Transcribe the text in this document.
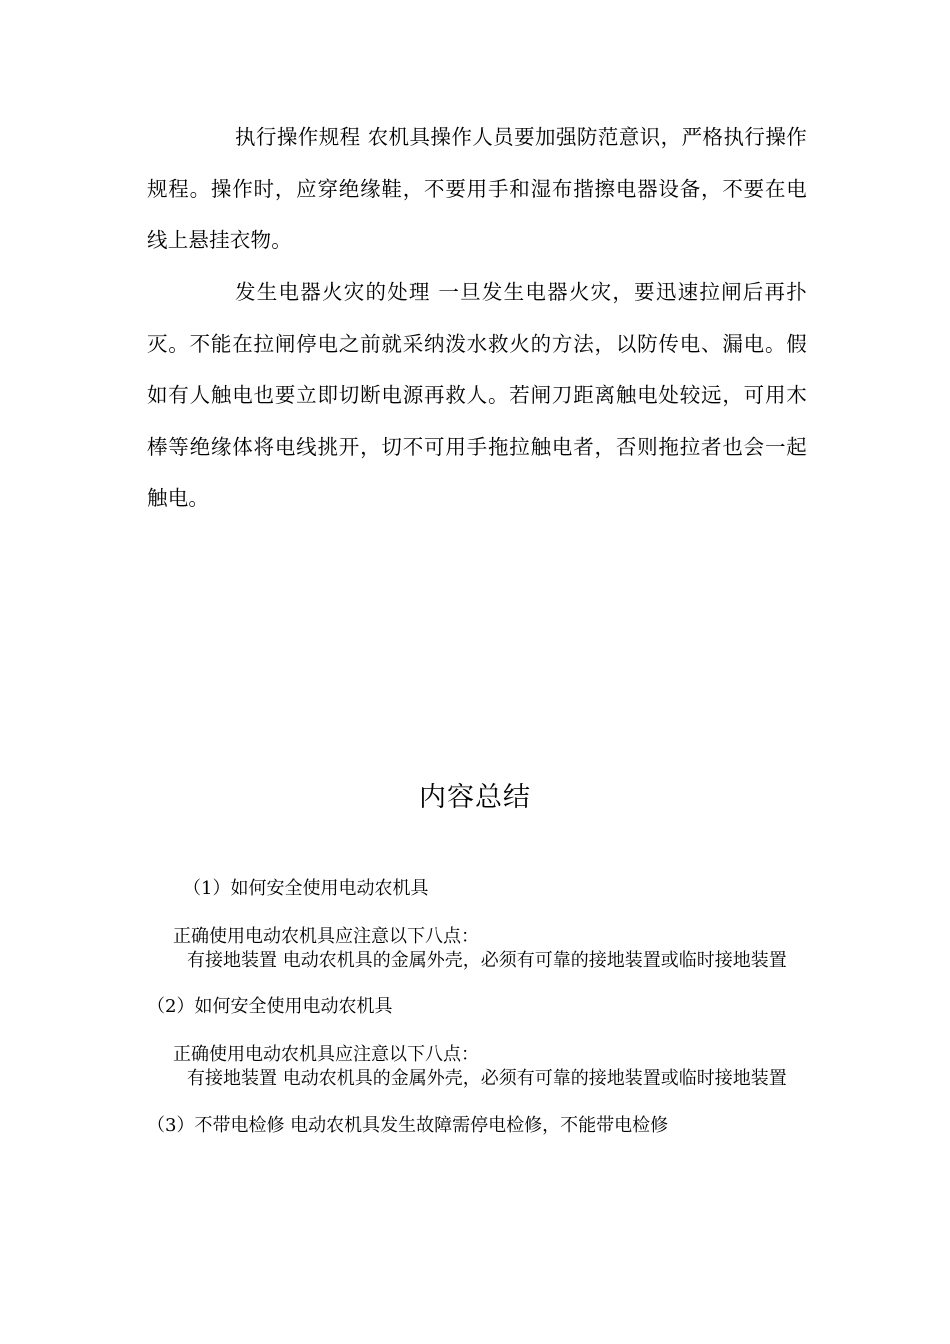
执行操作规程 农机具操作人员要加强防范意识，严格执行操作规程。操作时，应穿绝缘鞋，不要用手和湿布揩擦电器设备，不要在电线上悬挂衣物。

发生电器火灾的处理 一旦发生电器火灾，要迅速拉闸后再扑灭。不能在拉闸停电之前就采纳泼水救火的方法，以防传电、漏电。假如有人触电也要立即切断电源再救人。若闸刀距离触电处较远，可用木棒等绝缘体将电线挑开，切不可用手拖拉触电者，否则拖拉者也会一起触电。

内容总结

（1）如何安全使用电动农机具

正确使用电动农机具应注意以下八点：

有接地装置 电动农机具的金属外壳，必须有可靠的接地装置或临时接地装置

（2）如何安全使用电动农机具

正确使用电动农机具应注意以下八点：

有接地装置 电动农机具的金属外壳，必须有可靠的接地装置或临时接地装置

（3）不带电检修 电动农机具发生故障需停电检修，不能带电检修
